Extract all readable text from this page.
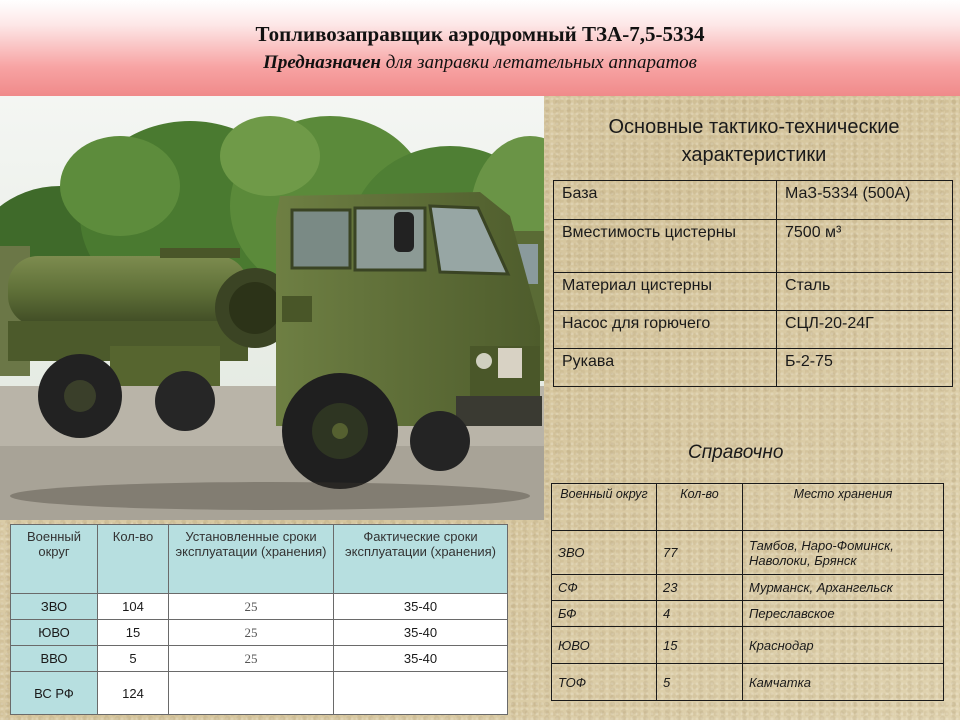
Топливозаправщик аэродромный ТЗА-7,5-5334
Предназначен для заправки летательных аппаратов
Основные тактико-технические
характеристики
База	МаЗ-5334 (500А)
Вместимость цистерны	7500 м³
Материал цистерны	Сталь
Насос для горючего	СЦЛ-20-24Г
Рукава	Б-2-75
Справочно
Военный округ	Кол-во	Место хранения
ЗВО	77	Тамбов, Наро-Фоминск, Наволоки, Брянск
СФ	23	Мурманск, Архангельск
БФ	4	Переславское
ЮВО	15	Краснодар
ТОФ	5	Камчатка
Военный округ	Кол-во	Установленные сроки эксплуатации (хранения)	Фактические сроки эксплуатации (хранения)
ЗВО	104	25	35-40
ЮВО	15	25	35-40
ВВО	5	25	35-40
ВС РФ	124		
